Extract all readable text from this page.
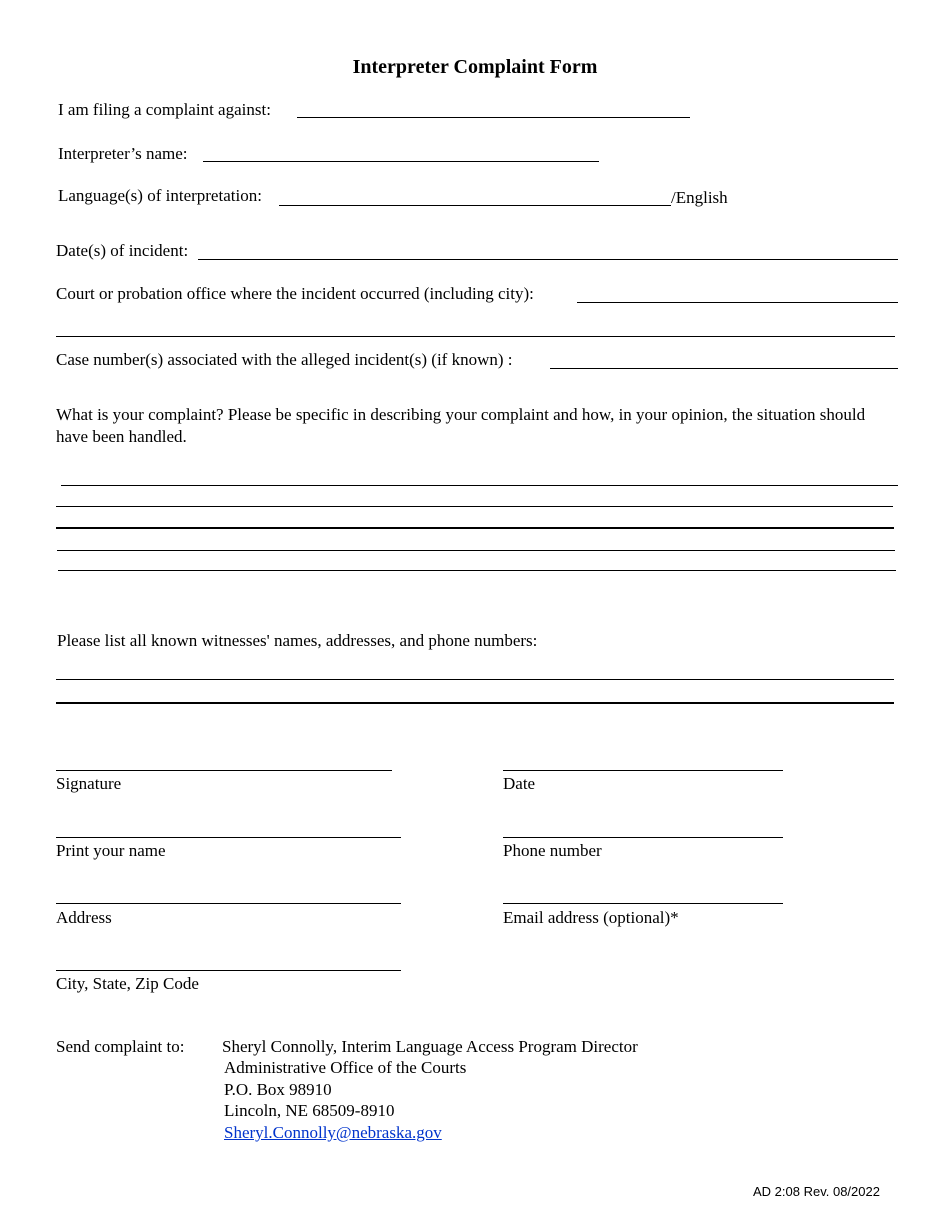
Interpreter Complaint Form
I am filing a complaint against:
Interpreter’s name:
Language(s) of interpretation:	/English
Date(s) of incident:
Court or probation office where the incident occurred (including city):
Case number(s) associated with the alleged incident(s) (if known) :
What is your complaint? Please be specific in describing your complaint and how, in your opinion, the situation should have been handled.
Please list all known witnesses' names, addresses, and phone numbers:
Signature	Date
Print your name	Phone number
Address	Email address (optional)*
City, State, Zip Code
Send complaint to: Sheryl Connolly, Interim Language Access Program Director
Administrative Office of the Courts
P.O. Box 98910
Lincoln, NE 68509-8910
Sheryl.Connolly@nebraska.gov
AD 2:08 Rev. 08/2022
